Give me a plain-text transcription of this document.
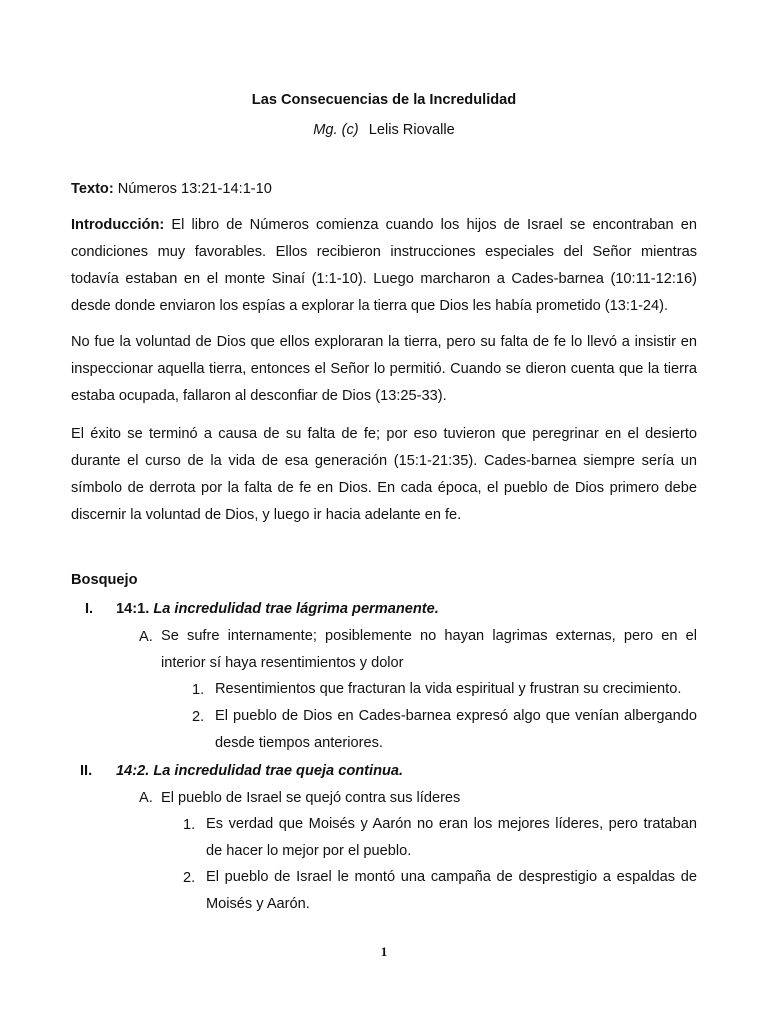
Las Consecuencias de la Incredulidad
Mg. (c) Lelis Riovalle
Texto: Números 13:21-14:1-10
Introducción: El libro de Números comienza cuando los hijos de Israel se encontraban en condiciones muy favorables. Ellos recibieron instrucciones especiales del Señor mientras todavía estaban en el monte Sinaí (1:1-10). Luego marcharon a Cades-barnea (10:11-12:16) desde donde enviaron los espías a explorar la tierra que Dios les había prometido (13:1-24).
No fue la voluntad de Dios que ellos exploraran la tierra, pero su falta de fe lo llevó a insistir en inspeccionar aquella tierra, entonces el Señor lo permitió. Cuando se dieron cuenta que la tierra estaba ocupada, fallaron al desconfiar de Dios (13:25-33).
El éxito se terminó a causa de su falta de fe; por eso tuvieron que peregrinar en el desierto durante el curso de la vida de esa generación (15:1-21:35). Cades-barnea siempre sería un símbolo de derrota por la falta de fe en Dios. En cada época, el pueblo de Dios primero debe discernir la voluntad de Dios, y luego ir hacia adelante en fe.
Bosquejo
I. 14:1. La incredulidad trae lágrima permanente.
A. Se sufre internamente; posiblemente no hayan lagrimas externas, pero en el interior sí haya resentimientos y dolor
1. Resentimientos que fracturan la vida espiritual y frustran su crecimiento.
2. El pueblo de Dios en Cades-barnea expresó algo que venían albergando desde tiempos anteriores.
II. 14:2. La incredulidad trae queja continua.
A. El pueblo de Israel se quejó contra sus líderes
1. Es verdad que Moisés y Aarón no eran los mejores líderes, pero trataban de hacer lo mejor por el pueblo.
2. El pueblo de Israel le montó una campaña de desprestigio a espaldas de Moisés y Aarón.
1
